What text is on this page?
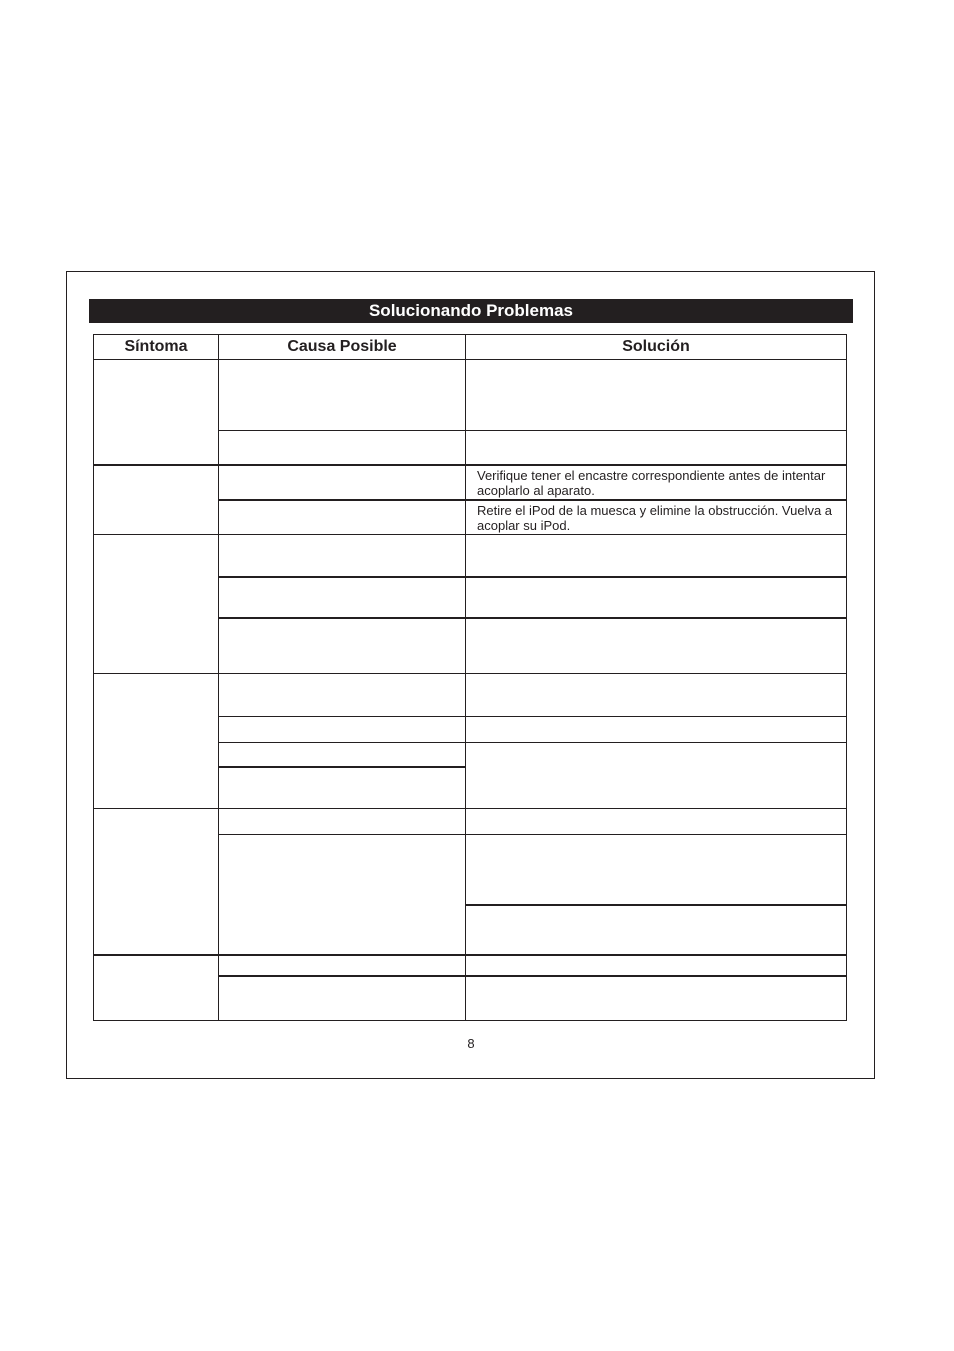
Solucionando Problemas
Síntoma	Causa Posible	Solución
Verifique tener el encastre correspondiente antes de intentar acoplarlo al aparato.
Retire el iPod de la muesca y elimine la obstrucción. Vuelva a acoplar su iPod.
8
